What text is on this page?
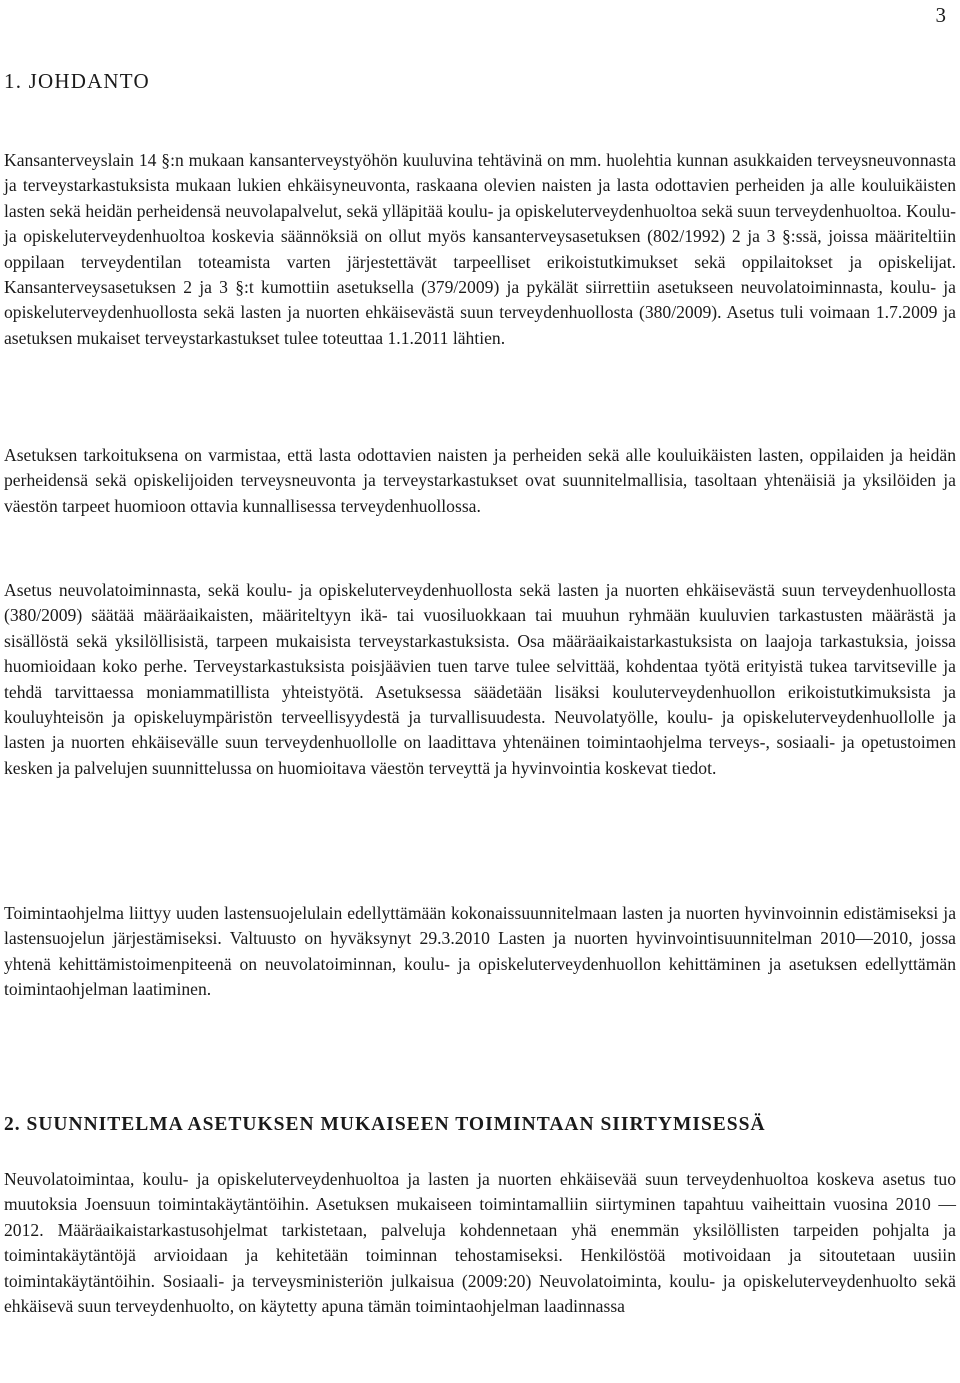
3
1. JOHDANTO

Kansanterveyslain 14 §:n mukaan kansanterveystyöhön kuuluvina tehtävinä on mm. huolehtia kunnan asukkaiden terveysneuvonnasta ja terveystarkastuksista mukaan lukien ehkäisyneuvonta, raskaana olevien naisten ja lasta odottavien perheiden ja alle kouluikäisten lasten sekä heidän perheidensä neuvolapalvelut, sekä ylläpitää koulu- ja opiskeluterveydenhuoltoa sekä suun terveydenhuoltoa. Koulu- ja opiskeluterveydenhuoltoa koskevia säännöksiä on ollut myös kansanterveysasetuksen (802/1992) 2 ja 3 §:ssä, joissa määriteltiin oppilaan terveydentilan toteamista varten järjestettävät tarpeelliset erikoistutkimukset sekä oppilaitokset ja opiskelijat. Kansanterveysasetuksen 2 ja 3 §:t kumottiin asetuksella (379/2009) ja pykälät siirrettiin asetukseen neuvolatoiminnasta, koulu- ja opiskeluterveydenhuollosta sekä lasten ja nuorten ehkäisevästä suun terveydenhuollosta (380/2009). Asetus tuli voimaan 1.7.2009 ja asetuksen mukaiset terveystarkastukset tulee toteuttaa 1.1.2011 lähtien.

Asetuksen tarkoituksena on varmistaa, että lasta odottavien naisten ja perheiden sekä alle kouluikäisten lasten, oppilaiden ja heidän perheidensä sekä opiskelijoiden terveysneuvonta ja terveystarkastukset ovat suunnitelmallisia, tasoltaan yhtenäisiä ja yksilöiden ja väestön tarpeet huomioon ottavia kunnallisessa terveydenhuollossa.

Asetus neuvolatoiminnasta, sekä koulu- ja opiskeluterveydenhuollosta sekä lasten ja nuorten ehkäisevästä suun terveydenhuollosta (380/2009) säätää määräaikaisten, määriteltyyn ikä- tai vuosiluokkaan tai muuhun ryhmään kuuluvien tarkastusten määrästä ja sisällöstä sekä yksilöllisistä, tarpeen mukaisista terveystarkastuksista. Osa määräaikaistarkastuksista on laajoja tarkastuksia, joissa huomioidaan koko perhe. Terveystarkastuksista poisjäävien tuen tarve tulee selvittää, kohdentaa työtä erityistä tukea tarvitseville ja tehdä tarvittaessa moniammatillista yhteistyötä. Asetuksessa säädetään lisäksi kouluterveydenhuollon erikoistutkimuksista ja kouluyhteisön ja opiskeluympäristön terveellisyydestä ja turvallisuudesta. Neuvolatyölle, koulu- ja opiskeluterveydenhuollolle ja lasten ja nuorten ehkäisevälle suun terveydenhuollolle on laadittava yhtenäinen toimintaohjelma terveys-, sosiaali- ja opetustoimen kesken ja palvelujen suunnittelussa on huomioitava väestön terveyttä ja hyvinvointia koskevat tiedot.

Toimintaohjelma liittyy uuden lastensuojelulain edellyttämään kokonaissuunnitelmaan lasten ja nuorten hyvinvoinnin edistämiseksi ja lastensuojelun järjestämiseksi. Valtuusto on hyväksynyt 29.3.2010 Lasten ja nuorten hyvinvointisuunnitelman 2010—2010, jossa yhtenä kehittämistoimenpiteenä on neuvolatoiminnan, koulu- ja opiskeluterveydenhuollon kehittäminen ja asetuksen edellyttämän toimintaohjelman laatiminen.

2. SUUNNITELMA ASETUKSEN MUKAISEEN TOIMINTAAN SIIRTYMISESSÄ

Neuvolatoimintaa, koulu- ja opiskeluterveydenhuoltoa ja lasten ja nuorten ehkäisevää suun terveydenhuoltoa koskeva asetus tuo muutoksia Joensuun toimintakäytäntöihin. Asetuksen mukaiseen toimintamalliin siirtyminen tapahtuu vaiheittain vuosina 2010 — 2012. Määräaikaistarkastusohjelmat tarkistetaan, palveluja kohdennetaan yhä enemmän yksilöllisten tarpeiden pohjalta ja toimintakäytäntöjä arvioidaan ja kehitetään toiminnan tehostamiseksi. Henkilöstöä motivoidaan ja sitoutetaan uusiin toimintakäytäntöihin. Sosiaali- ja terveysministeriön julkaisua (2009:20) Neuvolatoiminta, koulu- ja opiskeluterveydenhuolto sekä ehkäisevä suun terveydenhuolto, on käytetty apuna tämän toimintaohjelman laadinnassa
